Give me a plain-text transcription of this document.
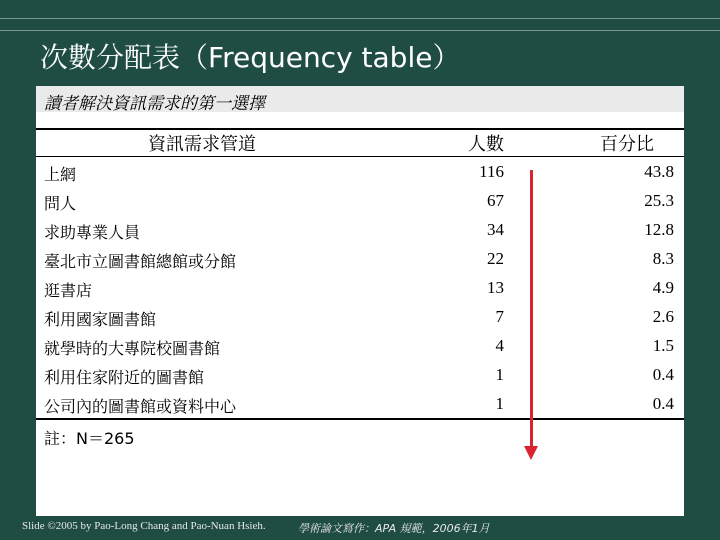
次數分配表（Frequency table）
讀者解決資訊需求的第一選擇
資訊需求管道	人數	百分比
上網	116	43.8
問人	67	25.3
求助專業人員	34	12.8
臺北市立圖書館總館或分館	22	8.3
逛書店	13	4.9
利用國家圖書館	7	2.6
就學時的大專院校圖書館	4	1.5
利用住家附近的圖書館	1	0.4
公司內的圖書館或資料中心	1	0.4
註：N＝265
Slide ©2005 by Pao-Long Chang and Pao-Nuan Hsieh.	學術論文寫作：APA 規範，2006年1月
